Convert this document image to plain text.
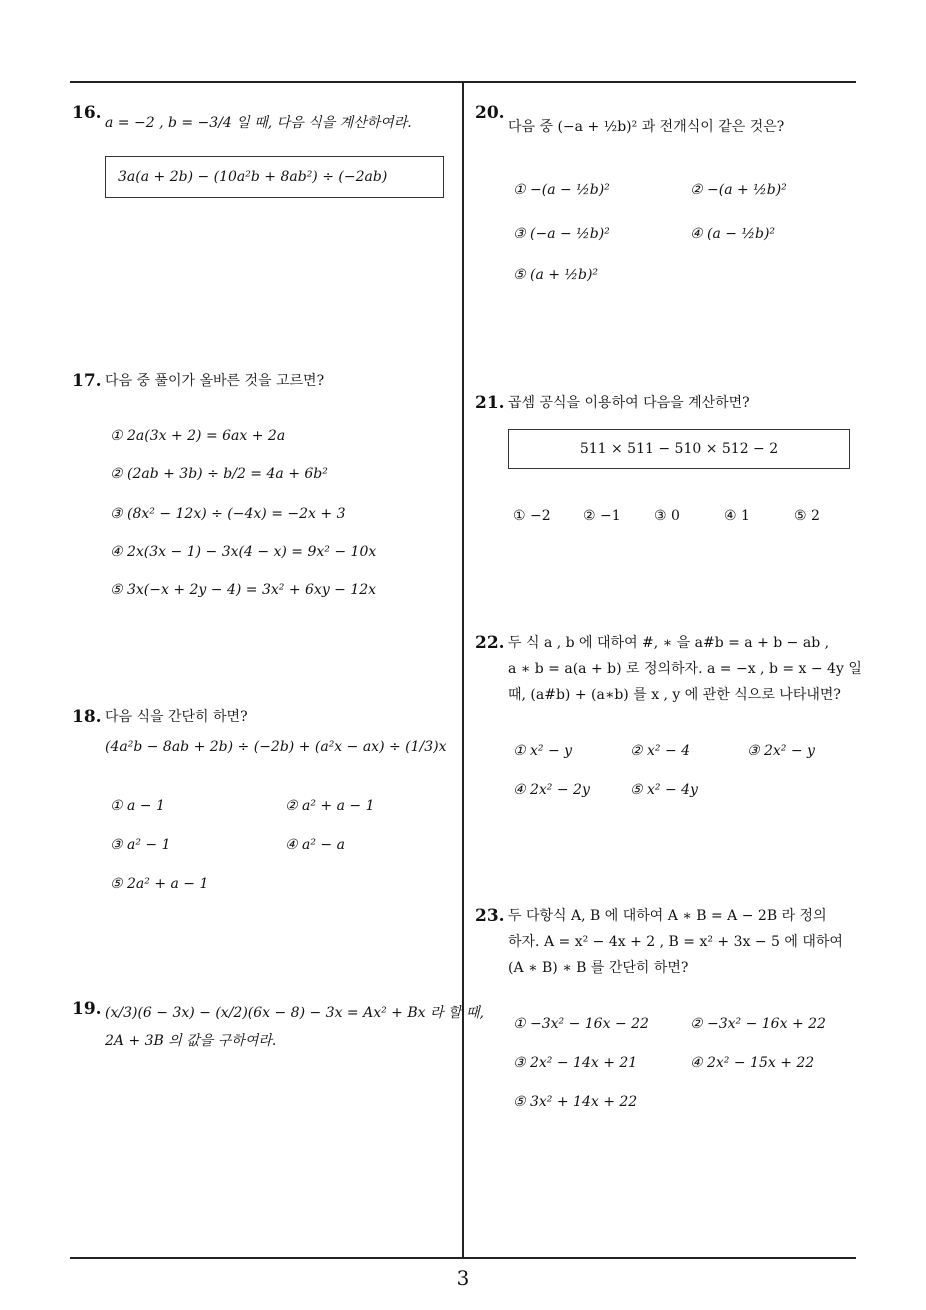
16. a = −2 , b = −3/4 일 때, 다음 식을 계산하여라.
3a(a + 2b) − (10a²b + 8ab²) ÷ (−2ab)
17. 다음 중 풀이가 올바른 것을 고르면?
① 2a(3x + 2) = 6ax + 2a
② (2ab + 3b) ÷ b/2 = 4a + 6b²
③ (8x² − 12x) ÷ (−4x) = −2x + 3
④ 2x(3x − 1) − 3x(4 − x) = 9x² − 10x
⑤ 3x(−x + 2y − 4) = 3x² + 6xy − 12x
18. 다음 식을 간단히 하면?
(4a²b − 8ab + 2b) ÷ (−2b) + (a²x − ax) ÷ (1/3)x
① a − 1	② a² + a − 1
③ a² − 1	④ a² − a
⑤ 2a² + a − 1
19. (x/3)(6 − 3x) − (x/2)(6x − 8) − 3x = Ax² + Bx 라 할 때,
2A + 3B 의 값을 구하여라.
20.
다음 중 (−a + ½b)² 과 전개식이 같은 것은?
① −(a − ½b)²	② −(a + ½b)²
③ (−a − ½b)²	④ (a − ½b)²
⑤ (a + ½b)²
21. 곱셈 공식을 이용하여 다음을 계산하면?
511 × 511 − 510 × 512 − 2
① −2 ② −1 ③ 0	④ 1	⑤ 2
22. 두 식 a , b 에 대하여 #, ∗ 을 a#b = a + b − ab ,
a ∗ b = a(a + b) 로 정의하자. a = −x , b = x − 4y 일
때, (a#b) + (a∗b) 를 x , y 에 관한 식으로 나타내면?
① x² − y	② x² − 4	③ 2x² − y
④ 2x² − 2y	⑤ x² − 4y
23. 두 다항식 A, B 에 대하여 A ∗ B = A − 2B 라 정의
하자. A = x² − 4x + 2 , B = x² + 3x − 5 에 대하여
(A ∗ B) ∗ B 를 간단히 하면?
① −3x² − 16x − 22	② −3x² − 16x + 22
③ 2x² − 14x + 21	④ 2x² − 15x + 22
⑤ 3x² + 14x + 22
3
